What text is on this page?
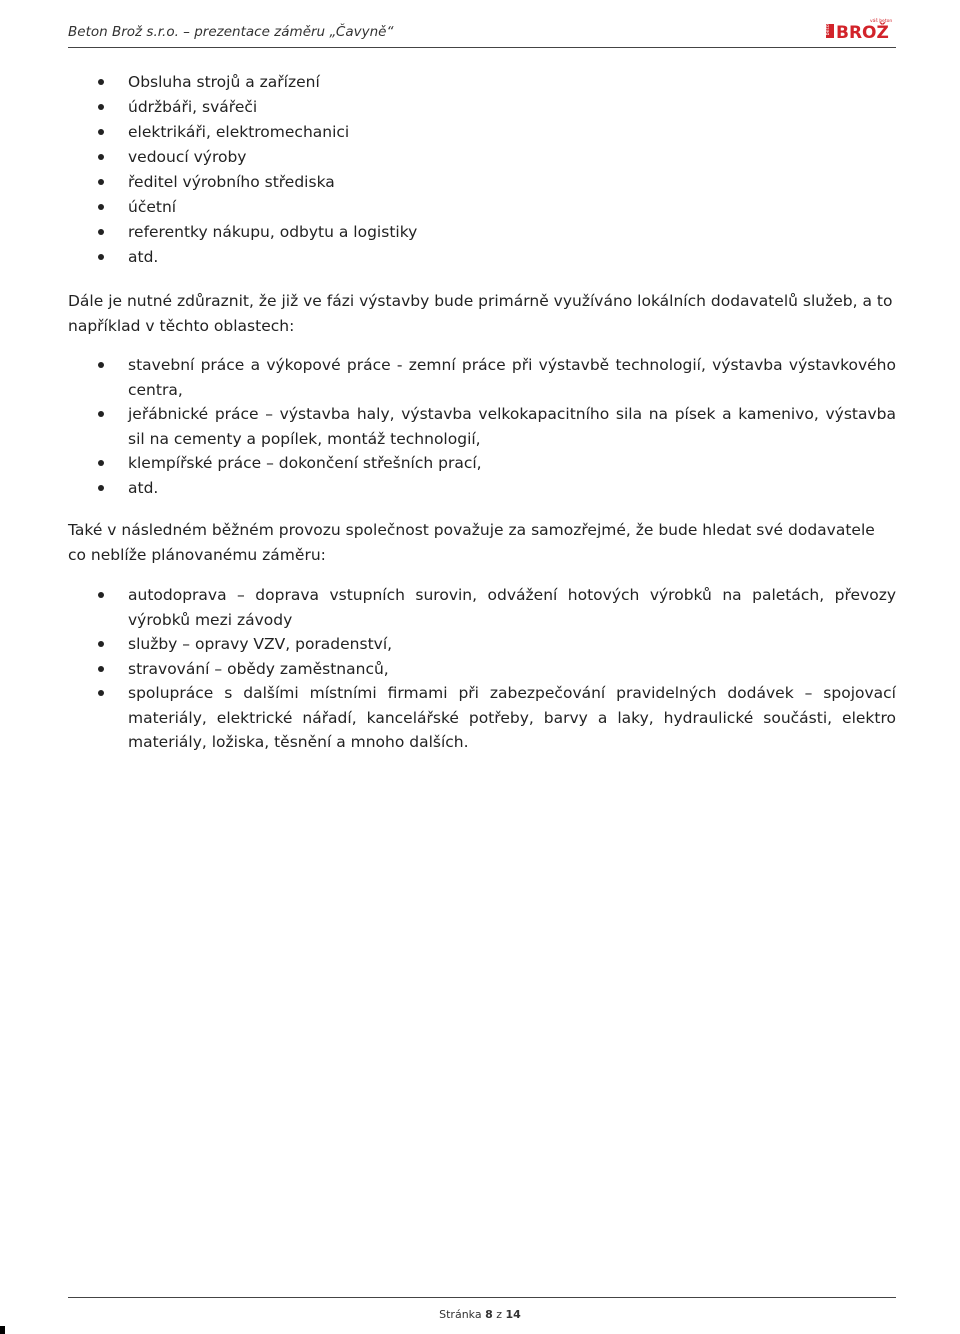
Beton Brož s.r.o. – prezentace záměru „Čavyně“	beton BROŽ
váš beton
Obsluha strojů a zařízení
údržbáři, svářeči
elektrikáři, elektromechanici
vedoucí výroby
ředitel výrobního střediska
účetní
referentky nákupu, odbytu a logistiky
atd.

Dále je nutné zdůraznit, že již ve fázi výstavby bude primárně využíváno lokálních dodavatelů služeb, a to například v těchto oblastech:

stavební práce a výkopové práce - zemní práce při výstavbě technologií, výstavba výstavkového centra,
jeřábnické práce – výstavba haly, výstavba velkokapacitního sila na písek a kamenivo, výstavba sil na cementy a popílek, montáž technologií,
klempířské práce – dokončení střešních prací,
atd.

Také v následném běžném provozu společnost považuje za samozřejmé, že bude hledat své dodavatele co neblíže plánovanému záměru:

autodoprava – doprava vstupních surovin, odvážení hotových výrobků na paletách, převozy výrobků mezi závody
služby – opravy VZV, poradenství,
stravování – obědy zaměstnanců,
spolupráce s dalšími místními firmami při zabezpečování pravidelných dodávek – spojovací materiály, elektrické nářadí, kancelářské potřeby, barvy a laky, hydraulické součásti, elektro materiály, ložiska, těsnění a mnoho dalších.
Stránka 8 z 14
